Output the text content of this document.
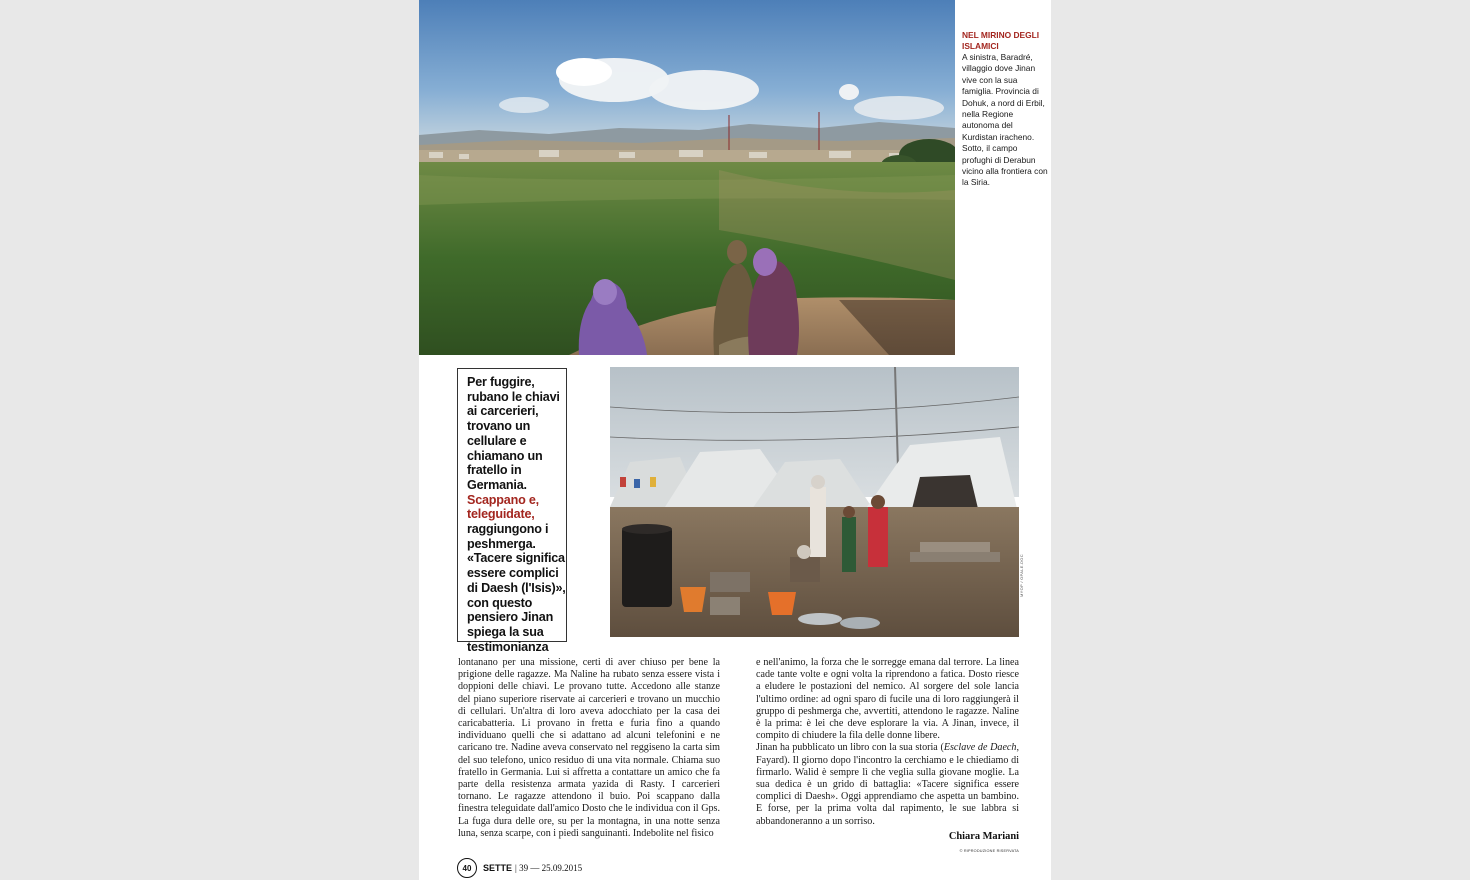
NEL MIRINO DEGLI ISLAMICI
A sinistra, Baradré, villaggio dove Jinan vive con la sua famiglia. Provincia di Dohuk, a nord di Erbil, nella Regione autonoma del Kurdistan iracheno. Sotto, il campo profughi di Derabun vicino alla frontiera con la Siria.
Per fuggire, rubano le chiavi ai carcerieri, trovano un cellulare e chiamano un fratello in Germania. Scappano e, teleguidate, raggiungono i peshmerga. «Tacere significa essere complici di Daesh (l'Isis)», con questo pensiero Jinan spiega la sua testimonianza
MYOP / OPALE.DOC

lontanano per una missione, certi di aver chiuso per bene la prigione delle ragazze. Ma Naline ha rubato senza essere vista i doppioni delle chiavi. Le provano tutte. Accedono alle stanze del piano superiore riservate ai carcerieri e trovano un mucchio di cellulari. Un'altra di loro aveva adocchiato per la casa dei caricabatteria. Li provano in fretta e furia fino a quando individuano quelli che si adattano ad alcuni telefonini e ne caricano tre. Nadine aveva conservato nel reggiseno la carta sim del suo telefono, unico residuo di una vita normale. Chiama suo fratello in Germania. Lui si affretta a contattare un amico che fa parte della resistenza armata yazida di Rasty. I carcerieri tornano. Le ragazze attendono il buio. Poi scappano dalla finestra teleguidate dall'amico Dosto che le individua con il Gps. La fuga dura delle ore, su per la montagna, in una notte senza luna, senza scarpe, con i piedi sanguinanti. Indebolite nel fisico

e nell'animo, la forza che le sorregge emana dal terrore. La linea cade tante volte e ogni volta la riprendono a fatica. Dosto riesce a eludere le postazioni del nemico. Al sorgere del sole lancia l'ultimo ordine: ad ogni sparo di fucile una di loro raggiungerà il gruppo di peshmerga che, avvertiti, attendono le ragazze. Naline è la prima: è lei che deve esplorare la via. A Jinan, invece, il compito di chiudere la fila delle donne libere.

Jinan ha pubblicato un libro con la sua storia (Esclave de Daech, Fayard). Il giorno dopo l'incontro la cerchiamo e le chiediamo di firmarlo. Walid è sempre lì che veglia sulla giovane moglie. La sua dedica è un grido di battaglia: «Tacere significa essere complici di Daesh». Oggi apprendiamo che aspetta un bambino. E forse, per la prima volta dal rapimento, le sue labbra si abbandoneranno a un sorriso.

Chiara Mariani
© RIPRODUZIONE RISERVATA
40	SETTE | 39 — 25.09.2015
